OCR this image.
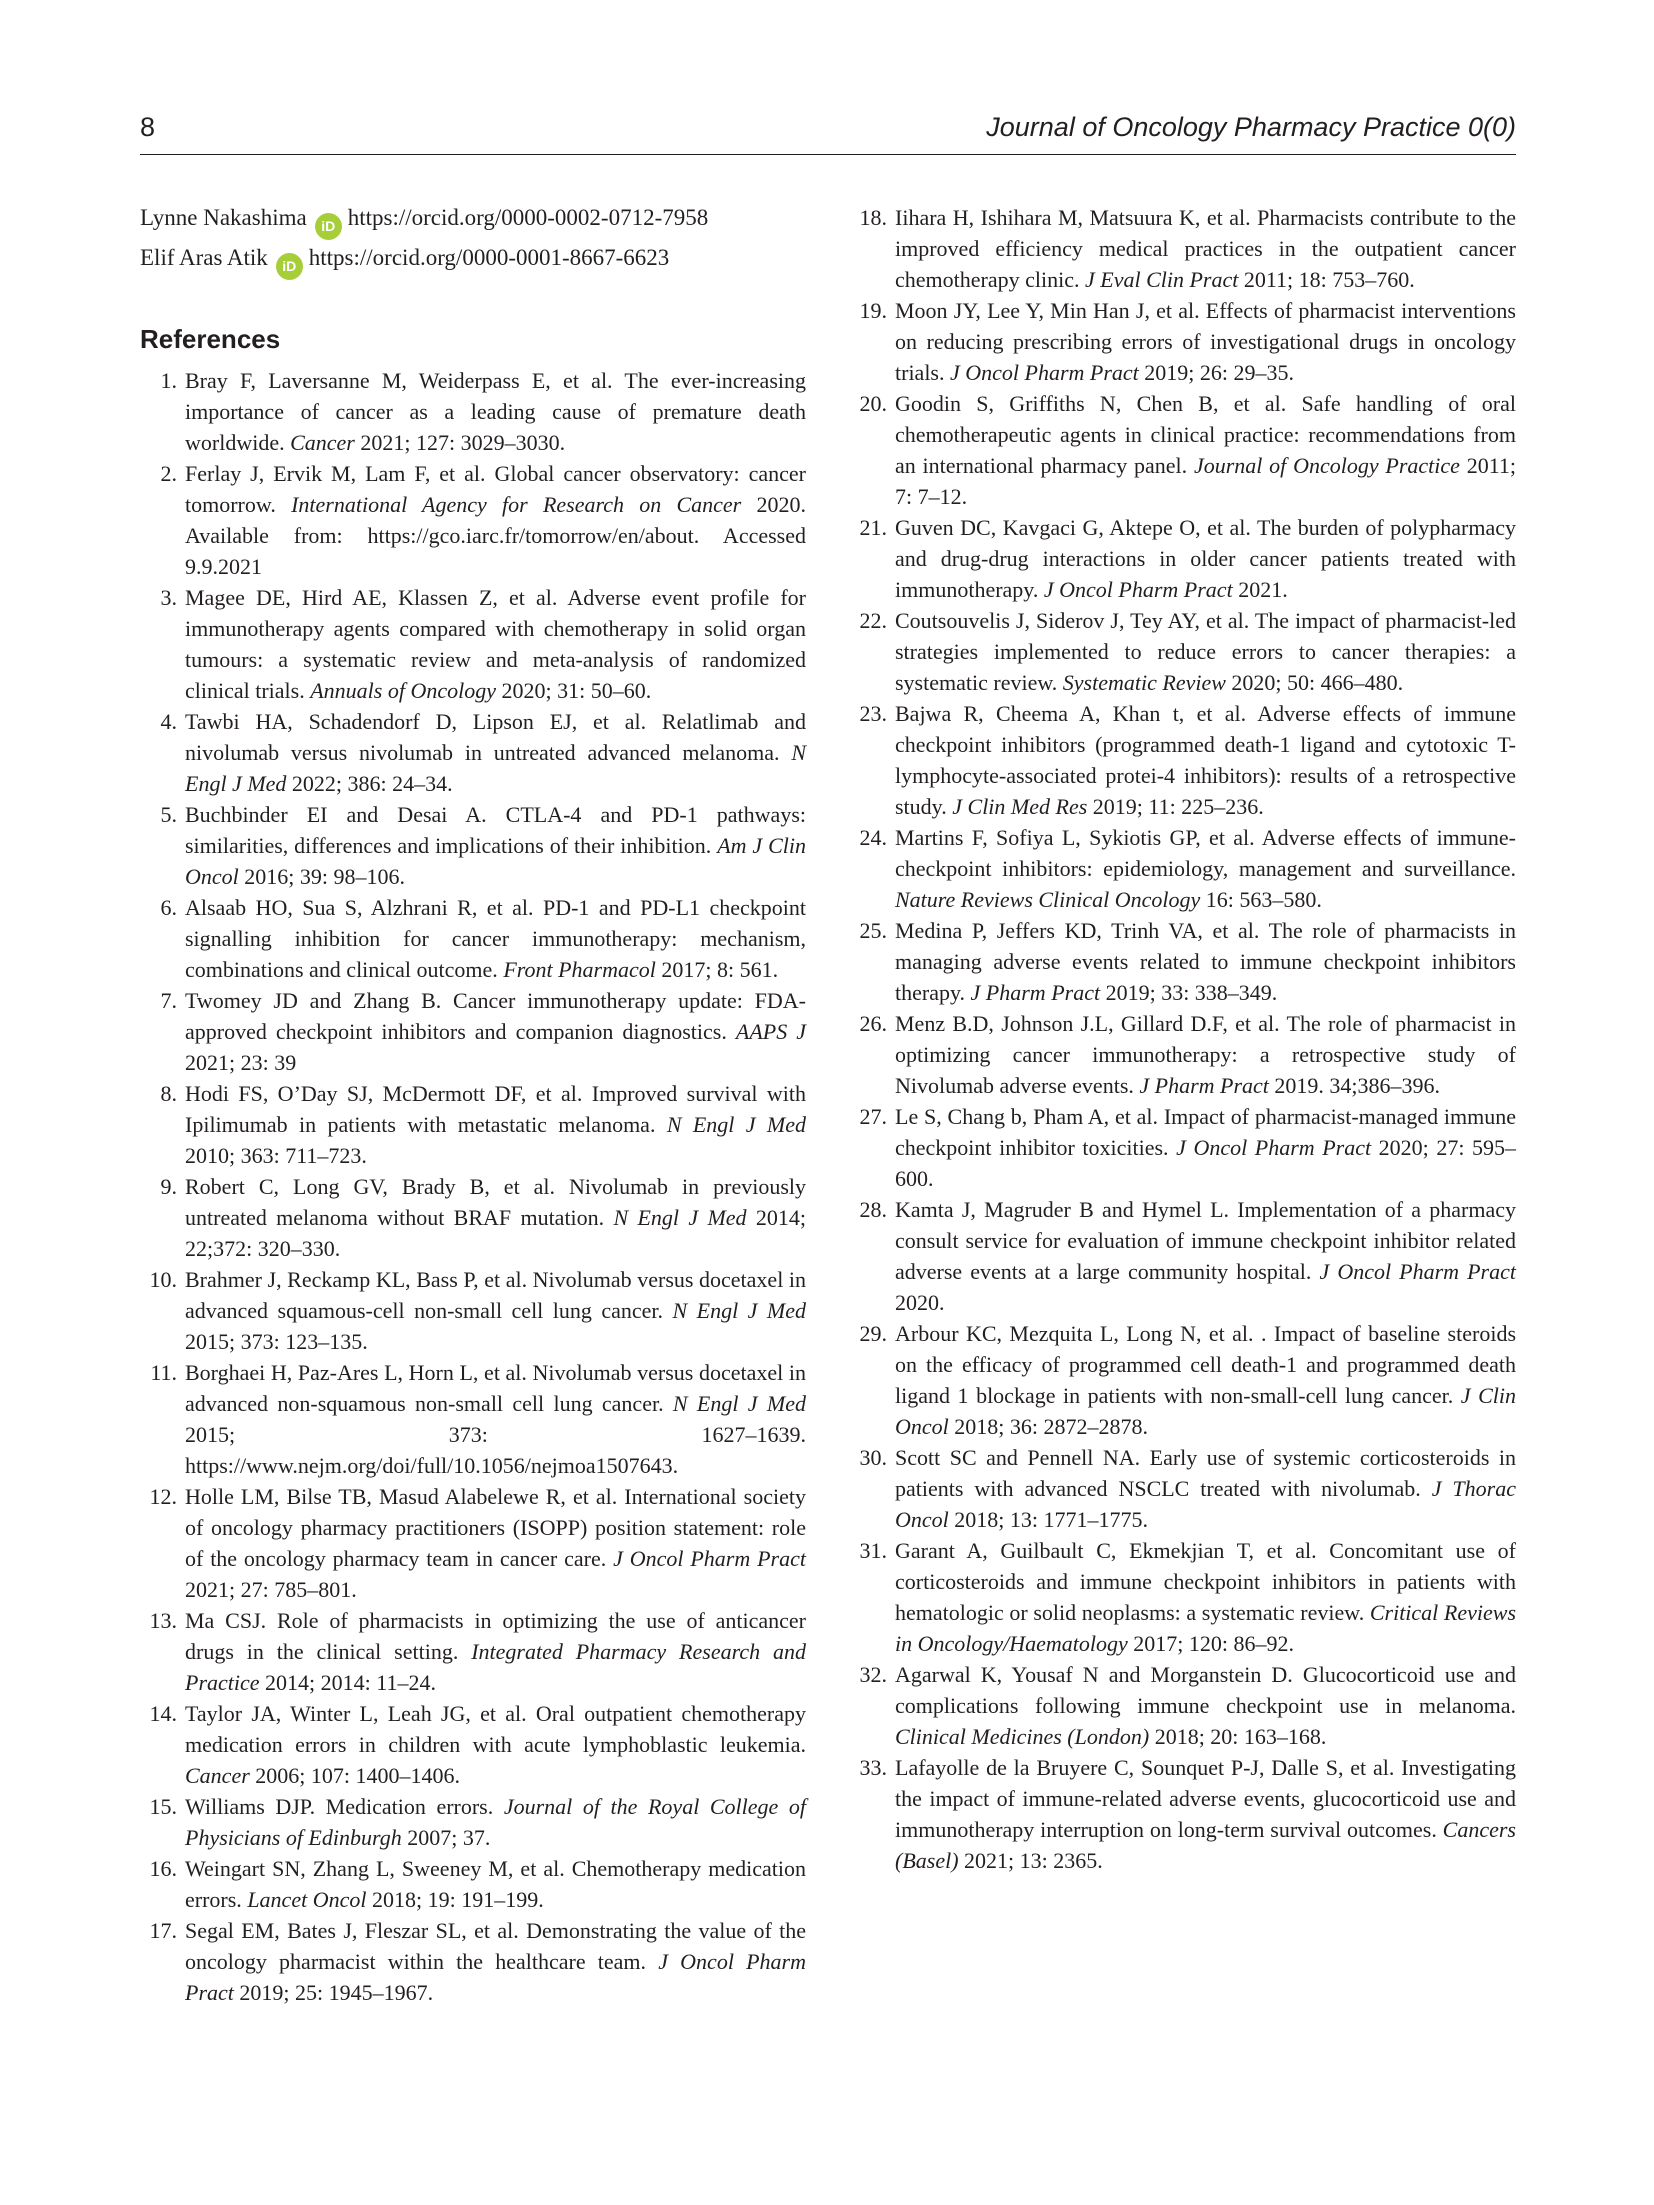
8	Journal of Oncology Pharmacy Practice 0(0)
Lynne Nakashima iD https://orcid.org/0000-0002-0712-7958
Elif Aras Atik iD https://orcid.org/0000-0001-8667-6623
References
1. Bray F, Laversanne M, Weiderpass E, et al. The ever-increasing importance of cancer as a leading cause of premature death worldwide. Cancer 2021; 127: 3029–3030.
2. Ferlay J, Ervik M, Lam F, et al. Global cancer observatory: cancer tomorrow. International Agency for Research on Cancer 2020. Available from: https://gco.iarc.fr/tomorrow/en/about. Accessed 9.9.2021
3. Magee DE, Hird AE, Klassen Z, et al. Adverse event profile for immunotherapy agents compared with chemotherapy in solid organ tumours: a systematic review and meta-analysis of randomized clinical trials. Annuals of Oncology 2020; 31: 50–60.
4. Tawbi HA, Schadendorf D, Lipson EJ, et al. Relatlimab and nivolumab versus nivolumab in untreated advanced melanoma. N Engl J Med 2022; 386: 24–34.
5. Buchbinder EI and Desai A. CTLA-4 and PD-1 pathways: similarities, differences and implications of their inhibition. Am J Clin Oncol 2016; 39: 98–106.
6. Alsaab HO, Sua S, Alzhrani R, et al. PD-1 and PD-L1 checkpoint signalling inhibition for cancer immunotherapy: mechanism, combinations and clinical outcome. Front Pharmacol 2017; 8: 561.
7. Twomey JD and Zhang B. Cancer immunotherapy update: FDA-approved checkpoint inhibitors and companion diagnostics. AAPS J 2021; 23: 39
8. Hodi FS, O’Day SJ, McDermott DF, et al. Improved survival with Ipilimumab in patients with metastatic melanoma. N Engl J Med 2010; 363: 711–723.
9. Robert C, Long GV, Brady B, et al. Nivolumab in previously untreated melanoma without BRAF mutation. N Engl J Med 2014; 22;372: 320–330.
10. Brahmer J, Reckamp KL, Bass P, et al. Nivolumab versus docetaxel in advanced squamous-cell non-small cell lung cancer. N Engl J Med 2015; 373: 123–135.
11. Borghaei H, Paz-Ares L, Horn L, et al. Nivolumab versus docetaxel in advanced non-squamous non-small cell lung cancer. N Engl J Med 2015; 373: 1627–1639. https://www.nejm.org/doi/full/10.1056/nejmoa1507643.
12. Holle LM, Bilse TB, Masud Alabelewe R, et al. International society of oncology pharmacy practitioners (ISOPP) position statement: role of the oncology pharmacy team in cancer care. J Oncol Pharm Pract 2021; 27: 785–801.
13. Ma CSJ. Role of pharmacists in optimizing the use of anticancer drugs in the clinical setting. Integrated Pharmacy Research and Practice 2014; 2014: 11–24.
14. Taylor JA, Winter L, Leah JG, et al. Oral outpatient chemotherapy medication errors in children with acute lymphoblastic leukemia. Cancer 2006; 107: 1400–1406.
15. Williams DJP. Medication errors. Journal of the Royal College of Physicians of Edinburgh 2007; 37.
16. Weingart SN, Zhang L, Sweeney M, et al. Chemotherapy medication errors. Lancet Oncol 2018; 19: 191–199.
17. Segal EM, Bates J, Fleszar SL, et al. Demonstrating the value of the oncology pharmacist within the healthcare team. J Oncol Pharm Pract 2019; 25: 1945–1967.
18. Iihara H, Ishihara M, Matsuura K, et al. Pharmacists contribute to the improved efficiency medical practices in the outpatient cancer chemotherapy clinic. J Eval Clin Pract 2011; 18: 753–760.
19. Moon JY, Lee Y, Min Han J, et al. Effects of pharmacist interventions on reducing prescribing errors of investigational drugs in oncology trials. J Oncol Pharm Pract 2019; 26: 29–35.
20. Goodin S, Griffiths N, Chen B, et al. Safe handling of oral chemotherapeutic agents in clinical practice: recommendations from an international pharmacy panel. Journal of Oncology Practice 2011; 7: 7–12.
21. Guven DC, Kavgaci G, Aktepe O, et al. The burden of polypharmacy and drug-drug interactions in older cancer patients treated with immunotherapy. J Oncol Pharm Pract 2021.
22. Coutsouvelis J, Siderov J, Tey AY, et al. The impact of pharmacist-led strategies implemented to reduce errors to cancer therapies: a systematic review. Systematic Review 2020; 50: 466–480.
23. Bajwa R, Cheema A, Khan t, et al. Adverse effects of immune checkpoint inhibitors (programmed death-1 ligand and cytotoxic T-lymphocyte-associated protei-4 inhibitors): results of a retrospective study. J Clin Med Res 2019; 11: 225–236.
24. Martins F, Sofiya L, Sykiotis GP, et al. Adverse effects of immune-checkpoint inhibitors: epidemiology, management and surveillance. Nature Reviews Clinical Oncology 16: 563–580.
25. Medina P, Jeffers KD, Trinh VA, et al. The role of pharmacists in managing adverse events related to immune checkpoint inhibitors therapy. J Pharm Pract 2019; 33: 338–349.
26. Menz B.D, Johnson J.L, Gillard D.F, et al. The role of pharmacist in optimizing cancer immunotherapy: a retrospective study of Nivolumab adverse events. J Pharm Pract 2019. 34;386–396.
27. Le S, Chang b, Pham A, et al. Impact of pharmacist-managed immune checkpoint inhibitor toxicities. J Oncol Pharm Pract 2020; 27: 595–600.
28. Kamta J, Magruder B and Hymel L. Implementation of a pharmacy consult service for evaluation of immune checkpoint inhibitor related adverse events at a large community hospital. J Oncol Pharm Pract 2020.
29. Arbour KC, Mezquita L, Long N, et al. . Impact of baseline steroids on the efficacy of programmed cell death-1 and programmed death ligand 1 blockage in patients with non-small-cell lung cancer. J Clin Oncol 2018; 36: 2872–2878.
30. Scott SC and Pennell NA. Early use of systemic corticosteroids in patients with advanced NSCLC treated with nivolumab. J Thorac Oncol 2018; 13: 1771–1775.
31. Garant A, Guilbault C, Ekmekjian T, et al. Concomitant use of corticosteroids and immune checkpoint inhibitors in patients with hematologic or solid neoplasms: a systematic review. Critical Reviews in Oncology/Haematology 2017; 120: 86–92.
32. Agarwal K, Yousaf N and Morganstein D. Glucocorticoid use and complications following immune checkpoint use in melanoma. Clinical Medicines (London) 2018; 20: 163–168.
33. Lafayolle de la Bruyere C, Sounquet P-J, Dalle S, et al. Investigating the impact of immune-related adverse events, glucocorticoid use and immunotherapy interruption on long-term survival outcomes. Cancers (Basel) 2021; 13: 2365.
